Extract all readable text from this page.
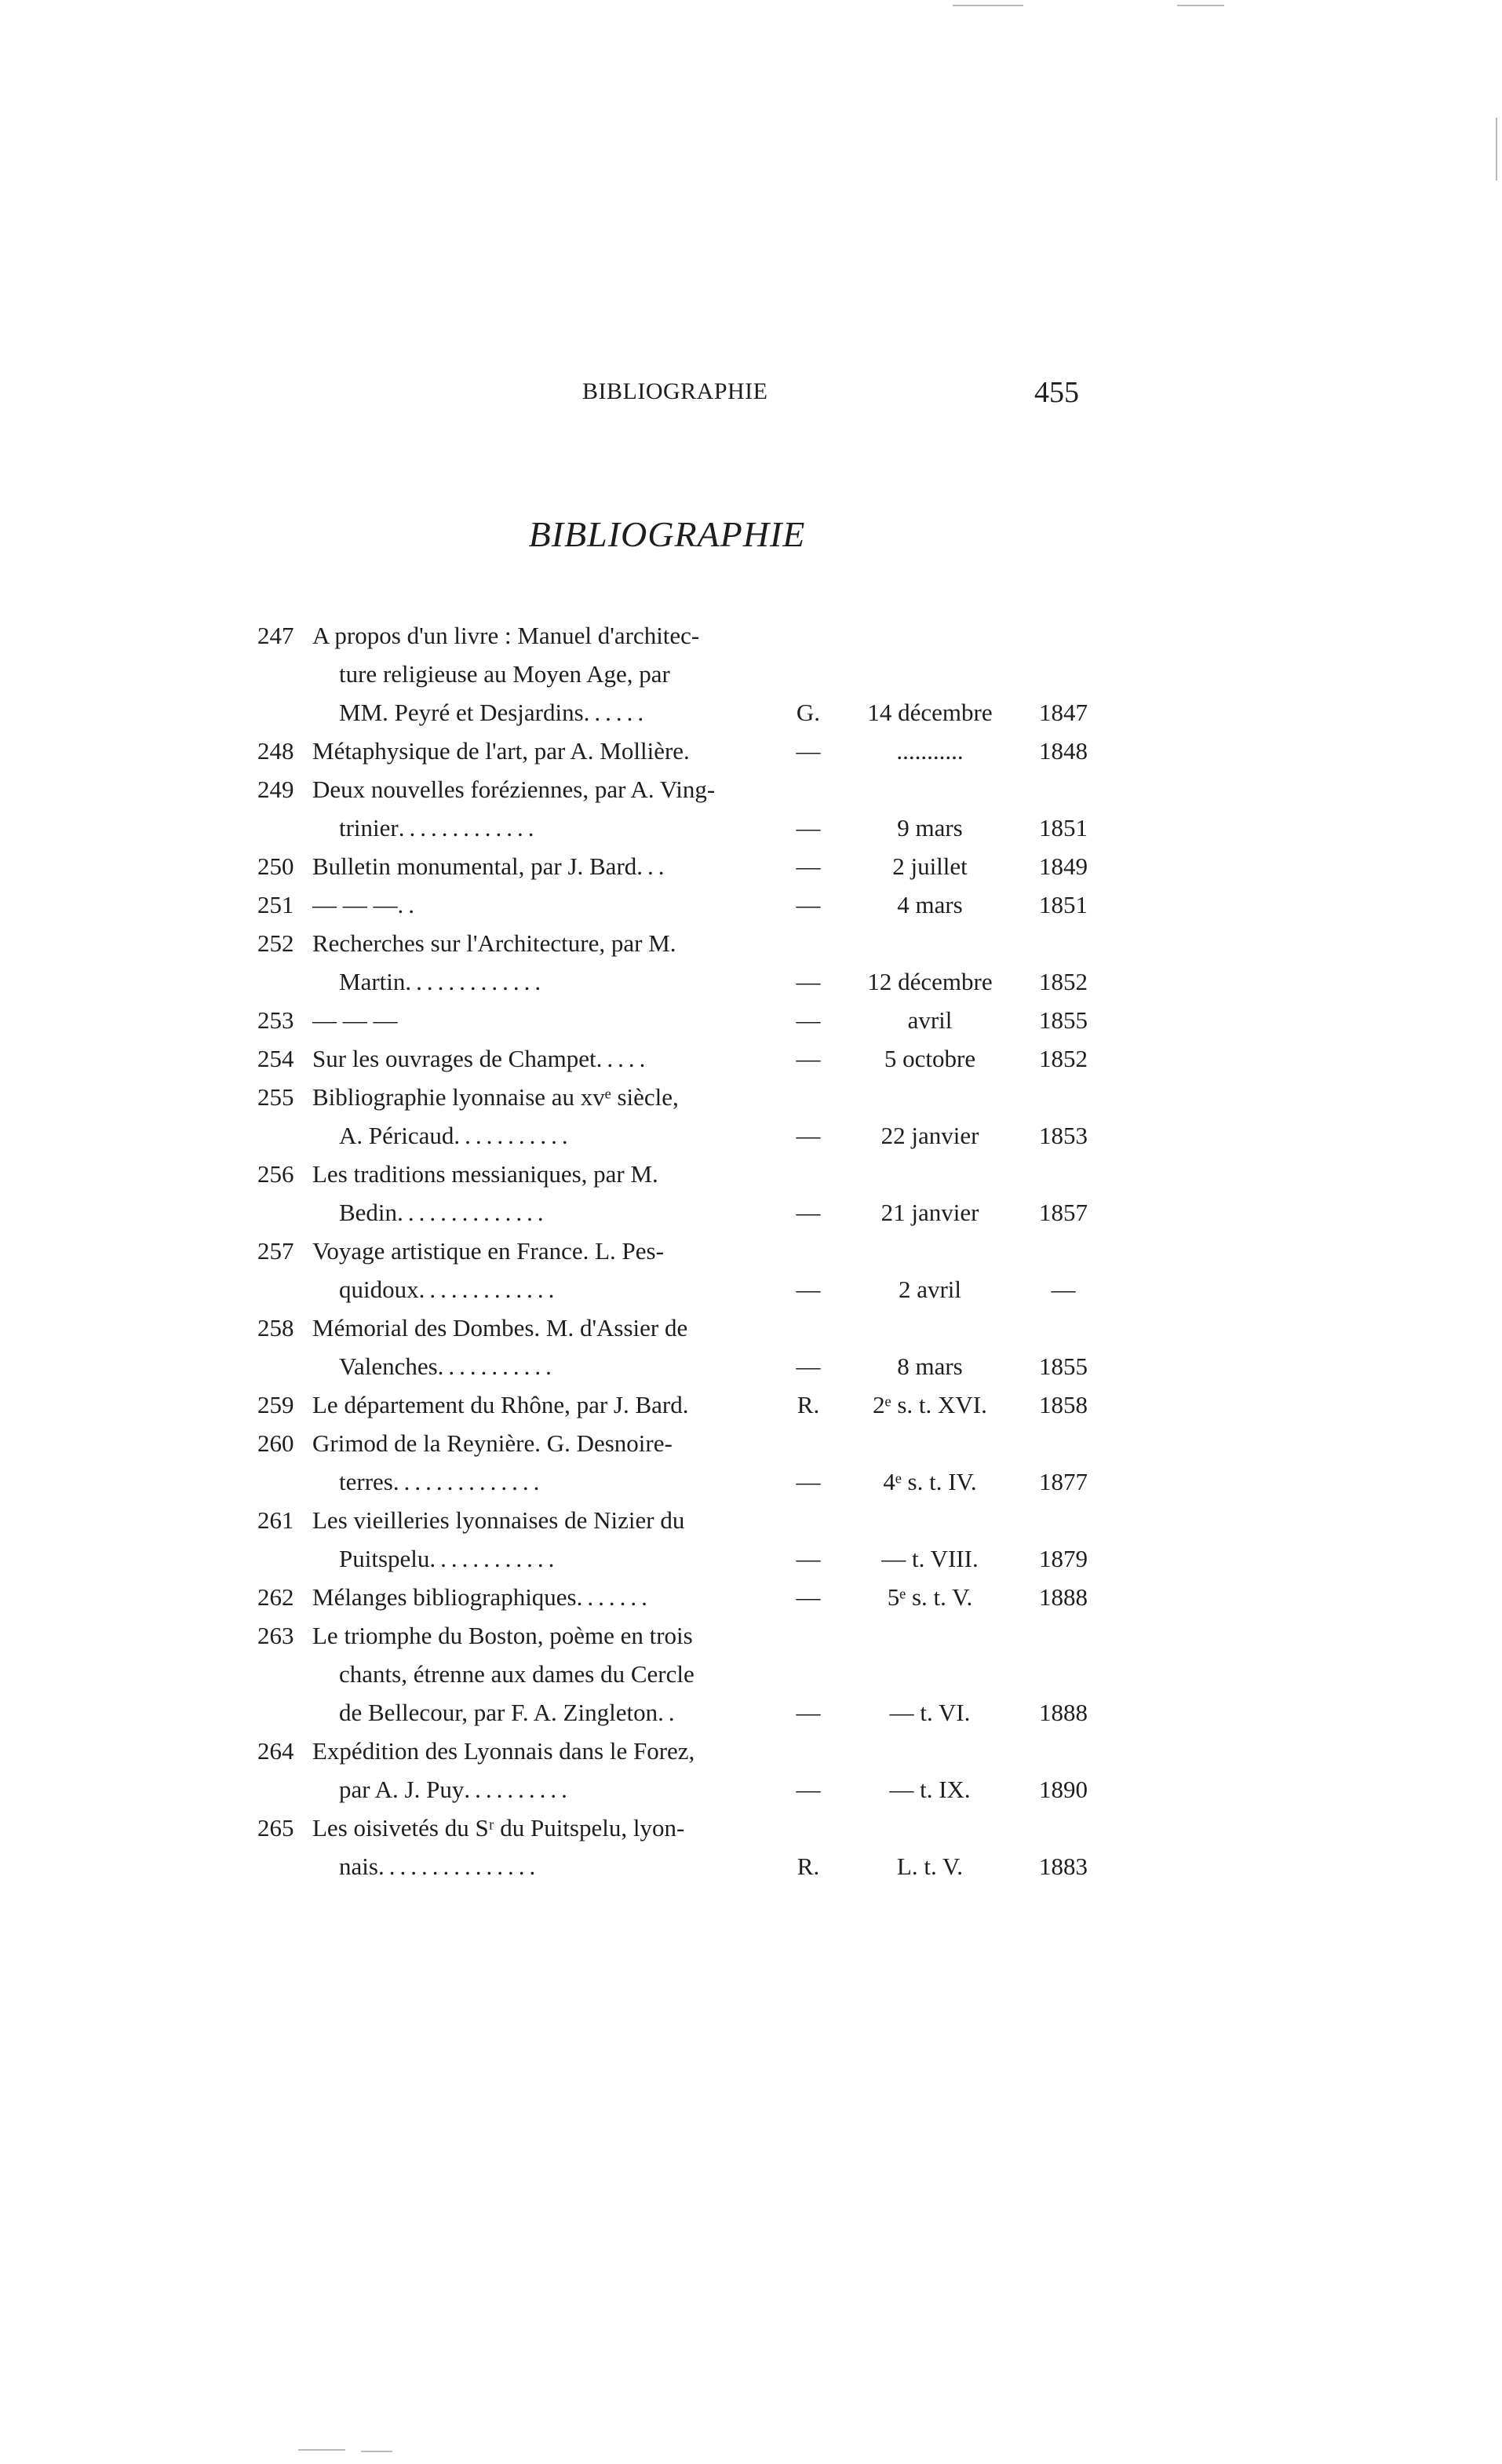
BIBLIOGRAPHIE	455
BIBLIOGRAPHIE
247 A propos d'un livre : Manuel d'architec-
ture religieuse au Moyen Age, par
MM. Peyré et Desjardins......	G.	14 décembre	1847
248 Métaphysique de l'art, par A. Mollière.	—	...........	1848
249 Deux nouvelles foréziennes, par A. Ving-
trinier.............	—	9 mars	1851
250 Bulletin monumental, par J. Bard...	—	2 juillet	1849
251 — — —..	—	4 mars	1851
252 Recherches sur l'Architecture, par M.
Martin.............	—	12 décembre	1852
253 — — —	—	avril	1855
254 Sur les ouvrages de Champet.....	—	5 octobre	1852
255 Bibliographie lyonnaise au xvᵉ siècle,
A. Péricaud...........	—	22 janvier	1853
256 Les traditions messianiques, par M.
Bedin..............	—	21 janvier	1857
257 Voyage artistique en France. L. Pes-
quidoux.............	—	2 avril	—
258 Mémorial des Dombes. M. d'Assier de
Valenches...........	—	8 mars	1855
259 Le département du Rhône, par J. Bard.	R.	2ᵉ s. t. XVI.	1858
260 Grimod de la Reynière. G. Desnoire-
terres..............	—	4ᵉ s. t. IV.	1877
261 Les vieilleries lyonnaises de Nizier du
Puitspelu............	—	— t. VIII.	1879
262 Mélanges bibliographiques.......	—	5ᵉ s. t. V.	1888
263 Le triomphe du Boston, poème en trois
chants, étrenne aux dames du Cercle
de Bellecour, par F. A. Zingleton..	—	— t. VI.	1888
264 Expédition des Lyonnais dans le Forez,
par A. J. Puy..........	—	— t. IX.	1890
265 Les oisivetés du Sʳ du Puitspelu, lyon-
nais...............	R.	L. t. V.	1883
